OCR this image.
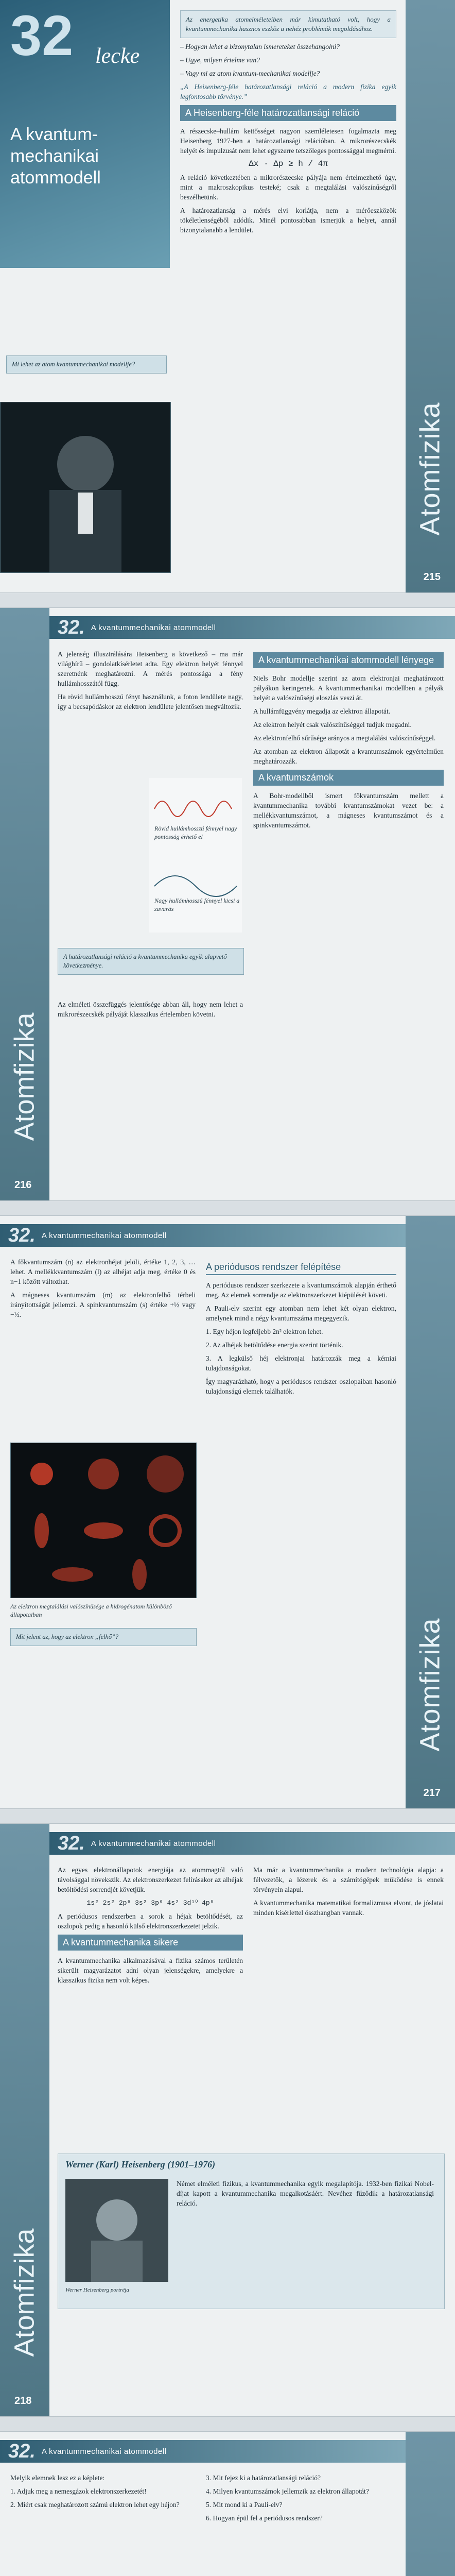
32 lecke
A kvantum-mechanikai atommodell
Mi lehet az atom kvantummechanikai modellje?

Az energetika atomelméleteiben már kimutatható volt, hogy a kvantummechanika hasznos eszköz a nehéz problémák megoldásához.

– Hogyan lehet a bizonytalan ismereteket összehangolni?

– Ugye, milyen értelme van?

– Vagy mi az atom kvantum-mechanikai modellje?

„A Heisenberg-féle határozatlansági reláció a modern fizika egyik legfontosabb törvénye.”

A Heisenberg-féle határozatlansági reláció

A részecske–hullám kettősséget nagyon szemléletesen fogalmazta meg Heisenberg 1927-ben a határozatlansági relációban. A mikrorészecskék helyét és impulzusát nem lehet egyszerre tetszőleges pontossággal megmérni.

Δx · Δp ≥ h / 4π

A reláció következtében a mikrorészecske pályája nem értelmezhető úgy, mint a makroszkopikus testeké; csak a megtalálási valószínűségről beszélhetünk.

A határozatlanság a mérés elvi korlátja, nem a mérőeszközök tökéletlenségéből adódik. Minél pontosabban ismerjük a helyet, annál bizonytalanabb a lendület.

Atomfizika
215
32. A kvantummechanikai atommodell
Atomfizika
216

A jelenség illusztrálására Heisenberg a következő – ma már világhírű – gondolatkísérletet adta. Egy elektron helyét fénnyel szeretnénk meghatározni. A mérés pontossága a fény hullámhosszától függ.

Ha rövid hullámhosszú fényt használunk, a foton lendülete nagy, így a becsapódáskor az elektron lendülete jelentősen megváltozik.

Rövid hullámhosszú fénnyel nagy pontosság érhető el
Nagy hullámhosszú fénnyel kicsi a zavarás
A határozatlansági reláció a kvantummechanika egyik alapvető következménye.

Az elméleti összefüggés jelentősége abban áll, hogy nem lehet a mikrorészecskék pályáját klasszikus értelemben követni.

A kvantummechanikai atommodell lényege

Niels Bohr modellje szerint az atom elektronjai meghatározott pályákon keringenek. A kvantummechanikai modellben a pályák helyét a valószínűségi eloszlás veszi át.

A hullámfüggvény megadja az elektron állapotát.

Az elektron helyét csak valószínűséggel tudjuk megadni.

Az elektronfelhő sűrűsége arányos a megtalálási valószínűséggel.

Az atomban az elektron állapotát a kvantumszámok egyértelműen meghatározzák.

A kvantumszámok

A Bohr-modellből ismert főkvantumszám mellett a kvantummechanika további kvantumszámokat vezet be: a mellékkvantumszámot, a mágneses kvantumszámot és a spinkvantumszámot.

32. A kvantummechanikai atommodell

A főkvantumszám (n) az elektronhéjat jelöli, értéke 1, 2, 3, … lehet. A mellékkvantumszám (l) az alhéjat adja meg, értéke 0 és n−1 között változhat.

A mágneses kvantumszám (m) az elektronfelhő térbeli irányítottságát jellemzi. A spinkvantumszám (s) értéke +½ vagy −½.

Az elektron megtalálási valószínűsége a hidrogénatom különböző állapotaiban
Mit jelent az, hogy az elektron „felhő”?
A periódusos rendszer felépítése

A periódusos rendszer szerkezete a kvantumszámok alapján érthető meg. Az elemek sorrendje az elektronszerkezet kiépülését követi.

A Pauli-elv szerint egy atomban nem lehet két olyan elektron, amelynek mind a négy kvantumszáma megegyezik.

1. Egy héjon legfeljebb 2n² elektron lehet.

2. Az alhéjak betöltődése energia szerint történik.

3. A legkülső héj elektronjai határozzák meg a kémiai tulajdonságokat.

Így magyarázható, hogy a periódusos rendszer oszlopaiban hasonló tulajdonságú elemek találhatók.

Atomfizika
217
32. A kvantummechanikai atommodell
Atomfizika
218

Az egyes elektronállapotok energiája az atommagtól való távolsággal növekszik. Az elektronszerkezet felírásakor az alhéjak betöltődési sorrendjét követjük.

1s² 2s² 2p⁶ 3s² 3p⁶ 4s² 3d¹⁰ 4p⁶

A periódusos rendszerben a sorok a héjak betöltődését, az oszlopok pedig a hasonló külső elektronszerkezetet jelzik.

A kvantummechanika sikere

A kvantummechanika alkalmazásával a fizika számos területén sikerült magyarázatot adni olyan jelenségekre, amelyekre a klasszikus fizika nem volt képes.

Ma már a kvantummechanika a modern technológia alapja: a félvezetők, a lézerek és a számítógépek működése is ennek törvényein alapul.

A kvantummechanika matematikai formalizmusa elvont, de jóslatai minden kísérlettel összhangban vannak.

Werner (Karl) Heisenberg (1901–1976)
Werner Heisenberg portréja
Német elméleti fizikus, a kvantummechanika egyik megalapítója. 1932-ben fizikai Nobel-díjat kapott a kvantummechanika megalkotásáért. Nevéhez fűződik a határozatlansági reláció.
32. A kvantummechanikai atommodell

Melyik elemnek lesz ez a képlete:

1. Adjuk meg a nemesgázok elektronszerkezetét!

2. Miért csak meghatározott számú elektron lehet egy héjon?

3. Mit fejez ki a határozatlansági reláció?

4. Milyen kvantumszámok jellemzik az elektron állapotát?

5. Mit mond ki a Pauli-elv?

6. Hogyan épül fel a periódusos rendszer?
